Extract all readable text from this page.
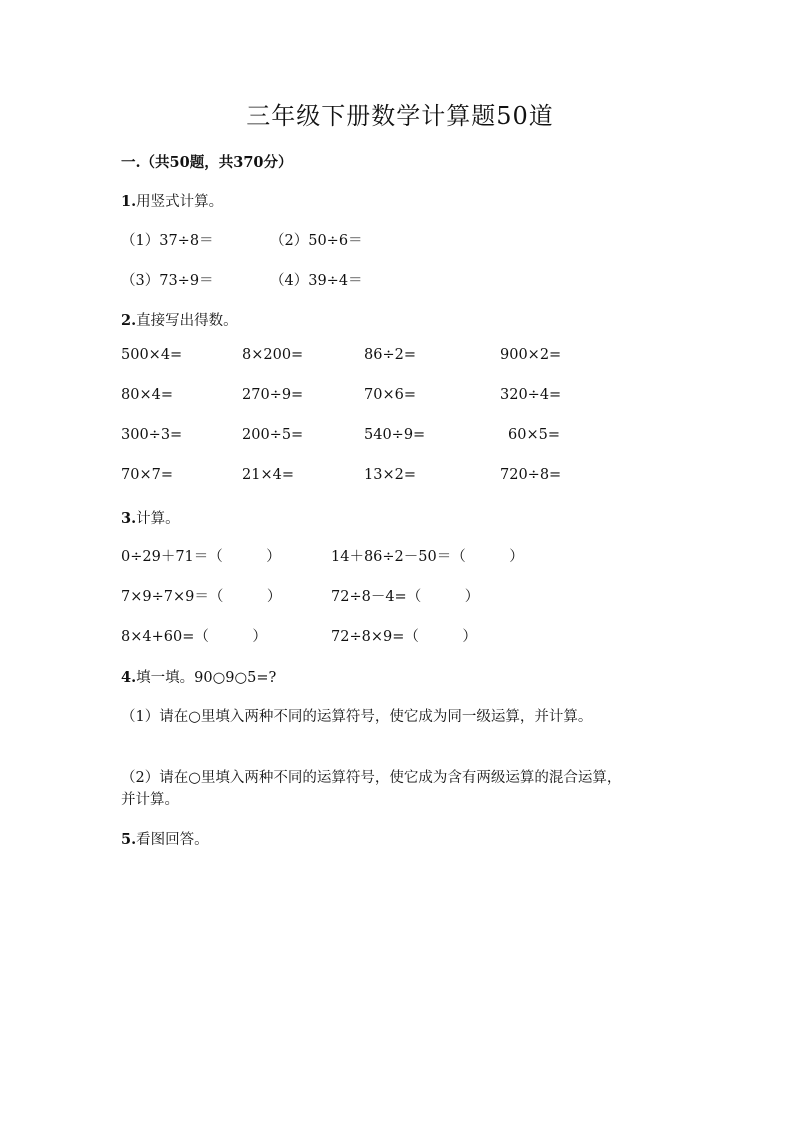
三年级下册数学计算题50道
一.（共50题，共370分）
1.用竖式计算。
（1）37÷8＝	（2）50÷6＝
（3）73÷9＝	（4）39÷4＝
2.直接写出得数。
500×4=	8×200=	86÷2=	900×2=
80×4=	270÷9=	70×6=	320÷4=
300÷3=	200÷5=	540÷9=	60×5=
70×7=	21×4=	13×2=	720÷8=
3.计算。
0÷29＋71＝（　　　）	14＋86÷2－50＝（　　　）
7×9÷7×9＝（　　　）	72÷8－4=（　　　）
8×4+60=（　　　）	72÷8×9=（　　　）
4.填一填。90○9○5=?
（1）请在○里填入两种不同的运算符号，使它成为同一级运算，并计算。
（2）请在○里填入两种不同的运算符号，使它成为含有两级运算的混合运算，
并计算。
5.看图回答。
